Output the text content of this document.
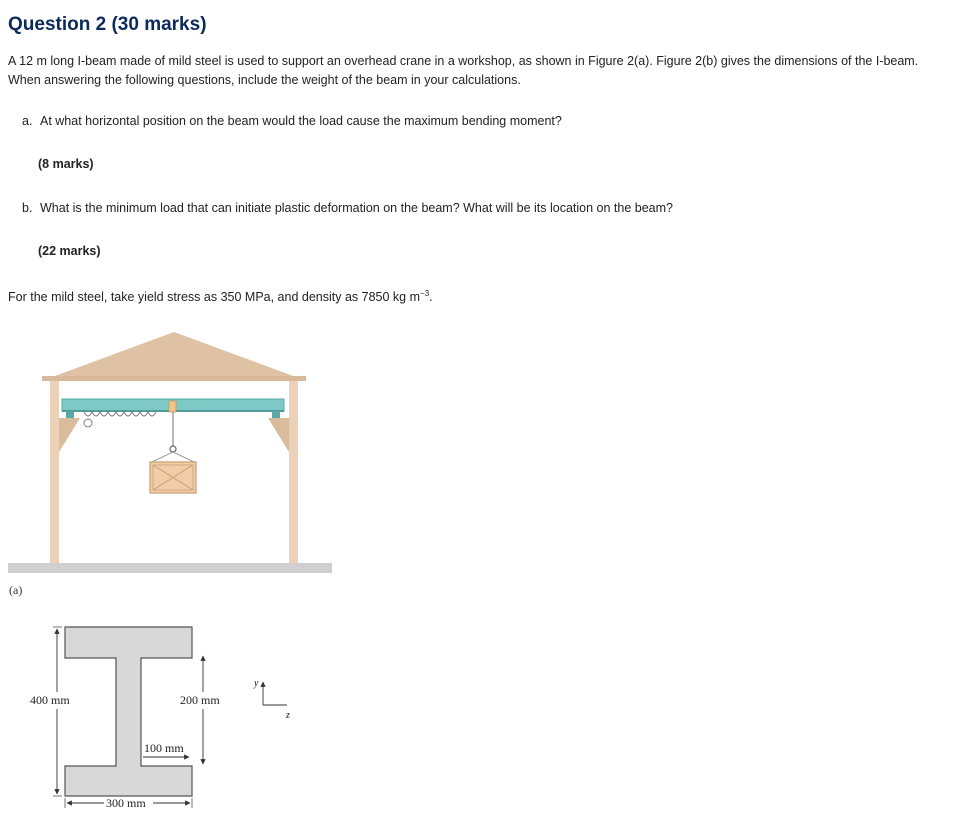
Question 2 (30 marks)

A 12 m long I-beam made of mild steel is used to support an overhead crane in a workshop, as shown in Figure 2(a). Figure 2(b) gives the dimensions of the I-beam. When answering the following questions, include the weight of the beam in your calculations.

a. At what horizontal position on the beam would the load cause the maximum bending moment?

(8 marks)

b. What is the minimum load that can initiate plastic deformation on the beam? What will be its location on the beam?

(22 marks)

For the mild steel, take yield stress as 350 MPa, and density as 7850 kg $m^{-3}$.

(a)
400 mm	200 mm
100 mm
300 mm
y
z
